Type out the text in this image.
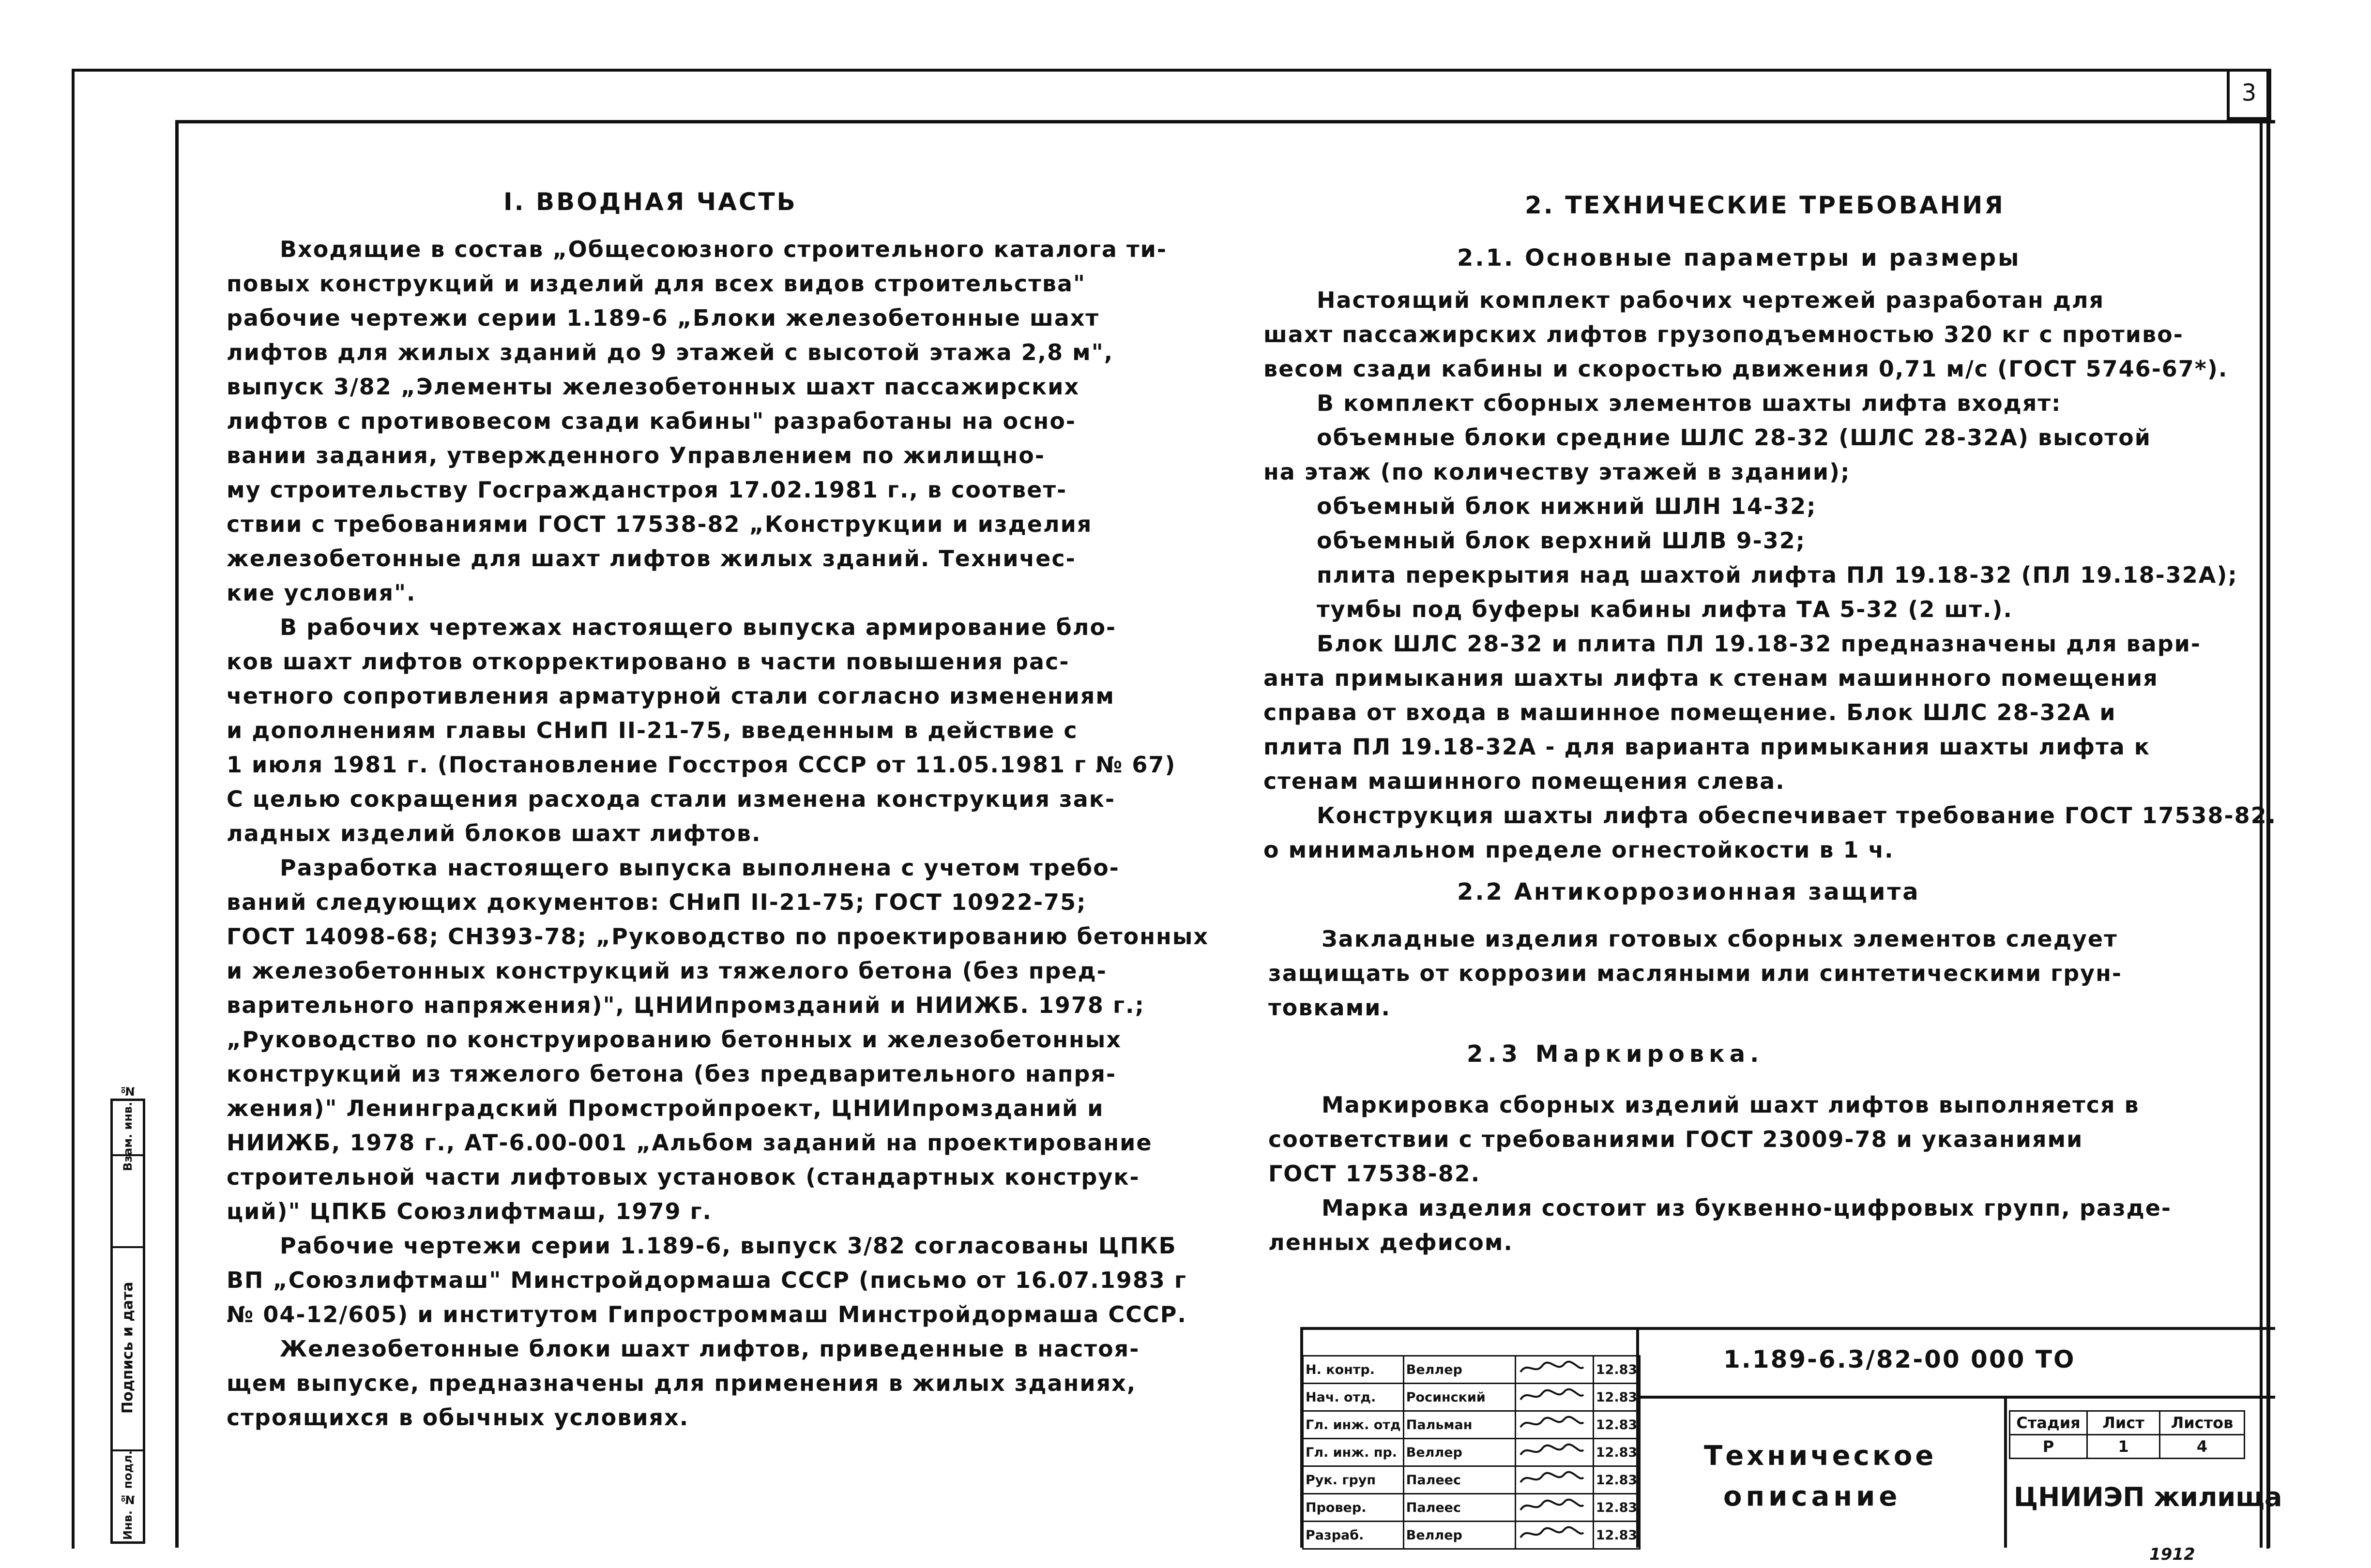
3
I. ВВОДНАЯ ЧАСТЬ

Входящие в состав „Общесоюзного строительного каталога ти-

повых конструкций и изделий для всех видов строительства"

рабочие чертежи серии 1.189-6 „Блоки железобетонные шахт

лифтов для жилых зданий до 9 этажей с высотой этажа 2,8 м",

выпуск 3/82 „Элементы железобетонных шахт пассажирских

лифтов с противовесом сзади кабины" разработаны на осно-

вании задания, утвержденного Управлением по жилищно-

му строительству Госгражданстроя 17.02.1981 г., в соответ-

ствии с требованиями ГОСТ 17538-82 „Конструкции и изделия

железобетонные для шахт лифтов жилых зданий. Техничес-

кие условия".

В рабочих чертежах настоящего выпуска армирование бло-

ков шахт лифтов откорректировано в части повышения рас-

четного сопротивления арматурной стали согласно изменениям

и дополнениям главы СНиП II-21-75, введенным в действие с

1 июля 1981 г. (Постановление Госстроя СССР от 11.05.1981 г № 67)

С целью сокращения расхода стали изменена конструкция зак-

ладных изделий блоков шахт лифтов.

Разработка настоящего выпуска выполнена с учетом требо-

ваний следующих документов: СНиП II-21-75; ГОСТ 10922-75;

ГОСТ 14098-68; СН393-78; „Руководство по проектированию бетонных

и железобетонных конструкций из тяжелого бетона (без пред-

варительного напряжения)", ЦНИИпромзданий и НИИЖБ. 1978 г.;

„Руководство по конструированию бетонных и железобетонных

конструкций из тяжелого бетона (без предварительного напря-

жения)" Ленинградский Промстройпроект, ЦНИИпромзданий и

НИИЖБ, 1978 г., АТ-6.00-001 „Альбом заданий на проектирование

строительной части лифтовых установок (стандартных конструк-

ций)" ЦПКБ Союзлифтмаш, 1979 г.

Рабочие чертежи серии 1.189-6, выпуск 3/82 согласованы ЦПКБ

ВП „Союзлифтмаш" Минстройдормаша СССР (письмо от 16.07.1983 г

№ 04-12/605) и институтом Гипростроммаш Минстройдормаша СССР.

Железобетонные блоки шахт лифтов, приведенные в настоя-

щем выпуске, предназначены для применения в жилых зданиях,

строящихся в обычных условиях.

2. ТЕХНИЧЕСКИЕ ТРЕБОВАНИЯ
2.1. Основные параметры и размеры

Настоящий комплект рабочих чертежей разработан для

шахт пассажирских лифтов грузоподъемностью 320 кг с противо-

весом сзади кабины и скоростью движения 0,71 м/с (ГОСТ 5746-67*).

В комплект сборных элементов шахты лифта входят:

объемные блоки средние ШЛС 28-32 (ШЛС 28-32А) высотой

на этаж (по количеству этажей в здании);

объемный блок нижний ШЛН 14-32;

объемный блок верхний ШЛВ 9-32;

плита перекрытия над шахтой лифта ПЛ 19.18-32 (ПЛ 19.18-32А);

тумбы под буферы кабины лифта ТА 5-32 (2 шт.).

Блок ШЛС 28-32 и плита ПЛ 19.18-32 предназначены для вари-

анта примыкания шахты лифта к стенам машинного помещения

справа от входа в машинное помещение. Блок ШЛС 28-32А и

плита ПЛ 19.18-32А - для варианта примыкания шахты лифта к

стенам машинного помещения слева.

Конструкция шахты лифта обеспечивает требование ГОСТ 17538-82.

о минимальном пределе огнестойкости в 1 ч.

2.2 Антикоррозионная защита

Закладные изделия готовых сборных элементов следует

защищать от коррозии масляными или синтетическими грун-

товками.

2.3 Маркировка.

Маркировка сборных изделий шахт лифтов выполняется в

соответствии с требованиями ГОСТ 23009-78 и указаниями

ГОСТ 17538-82.

Марка изделия состоит из буквенно-цифровых групп, разде-

ленных дефисом.

Взам. инв. №
Подпись и дата
Инв. № подл.
1.189-6.3/82-00 000 ТО
Техническое
описание
Стадия	Лист	Листов
Р	1	4
ЦНИИЭП жилища
Н. контр.	Веллер		12.83
Нач. отд.	Росинский		12.83
Гл. инж. отд	Пальман		12.83
Гл. инж. пр.	Веллер		12.83
Рук. груп	Палеес		12.83
Провер.	Палеес		12.83
Разраб.	Веллер		12.83
1912
